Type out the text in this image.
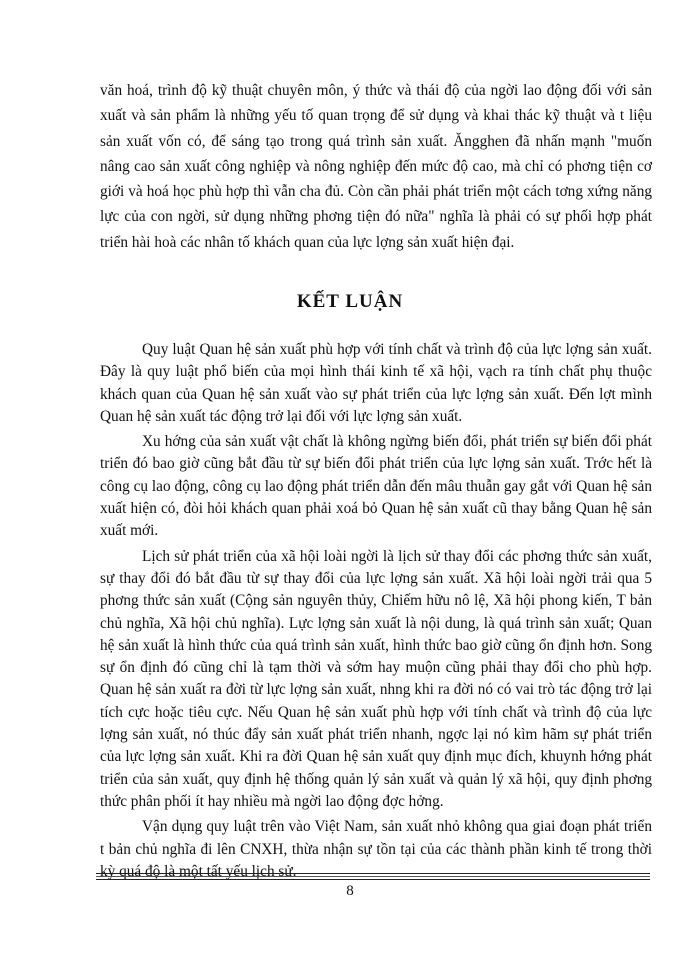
văn hoá, trình độ kỹ thuật chuyên môn, ý thức và thái độ của ngời lao động đối với sản xuất và sản phẩm là những yếu tố quan trọng để sử dụng và khai thác kỹ thuật và t liệu sản xuất vốn có, để sáng tạo trong quá trình sản xuất. Ăngghen đã nhấn mạnh "muốn nâng cao sản xuất công nghiệp và nông nghiệp đến mức độ cao, mà chỉ có phơng tiện cơ giới và hoá học phù hợp thì vẫn cha đủ. Còn cần phải phát triển một cách tơng xứng năng lực của con ngời, sử dụng những phơng tiện đó nữa" nghĩa là phải có sự phối hợp phát triển hài hoà các nhân tố khách quan của lực lợng sản xuất hiện đại.

KẾT LUẬN

Quy luật Quan hệ sản xuất phù hợp với tính chất và trình độ của lực lợng sản xuất. Đây là quy luật phổ biến của mọi hình thái kinh tế xã hội, vạch ra tính chất phụ thuộc khách quan của Quan hệ sản xuất vào sự phát triển của lực lợng sản xuất. Đến lợt mình Quan hệ sản xuất tác động trở lại đối với lực lợng sản xuất.

Xu hớng của sản xuất vật chất là không ngừng biến đổi, phát triển sự biến đổi phát triển đó bao giờ cũng bắt đầu từ sự biến đổi phát triển của lực lợng sản xuất. Trớc hết là công cụ lao động, công cụ lao động phát triển dẫn đến mâu thuẫn gay gắt với Quan hệ sản xuất hiện có, đòi hỏi khách quan phải xoá bỏ Quan hệ sản xuất cũ thay bằng Quan hệ sản xuất mới.

Lịch sử phát triển của xã hội loài ngời là lịch sử thay đổi các phơng thức sản xuất, sự thay đổi đó bắt đầu từ sự thay đổi của lực lợng sản xuất. Xã hội loài ngời trải qua 5 phơng thức sản xuất (Cộng sản nguyên thủy, Chiếm hữu nô lệ, Xã hội phong kiến, T bản chủ nghĩa, Xã hội chủ nghĩa). Lực lợng sản xuất là nội dung, là quá trình sản xuất; Quan hệ sản xuất là hình thức của quá trình sản xuất, hình thức bao giờ cũng ổn định hơn. Song sự ổn định đó cũng chỉ là tạm thời và sớm hay muộn cũng phải thay đổi cho phù hợp. Quan hệ sản xuất ra đời từ lực lợng sản xuất, nhng khi ra đời nó có vai trò tác động trở lại tích cực hoặc tiêu cực. Nếu Quan hệ sản xuất phù hợp với tính chất và trình độ của lực lợng sản xuất, nó thúc đẩy sản xuất phát triển nhanh, ngợc lại nó kìm hãm sự phát triển của lực lợng sản xuất. Khi ra đời Quan hệ sản xuất quy định mục đích, khuynh hớng phát triển của sản xuất, quy định hệ thống quản lý sản xuất và quản lý xã hội, quy định phơng thức phân phối ít hay nhiều mà ngời lao động đợc hởng.

Vận dụng quy luật trên vào Việt Nam, sản xuất nhỏ không qua giai đoạn phát triển t bản chủ nghĩa đi lên CNXH, thừa nhận sự tồn tại của các thành phần kinh tế trong thời kỳ quá độ là một tất yếu lịch sử.

8
